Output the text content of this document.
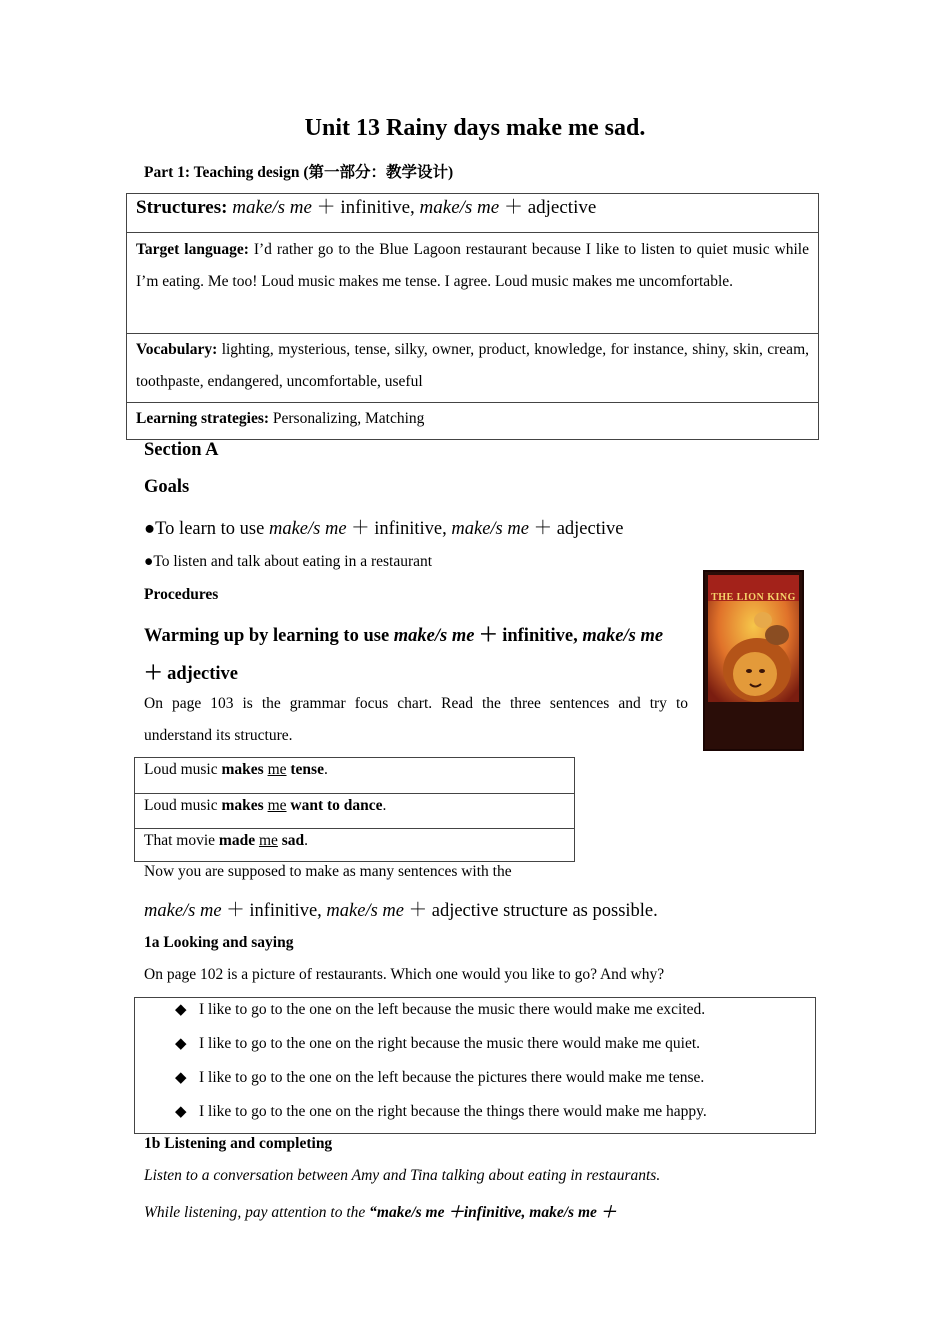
Unit 13 Rainy days make me sad.
Part 1: Teaching design (第一部分：教学设计)
Structures: make/s me ＋ infinitive, make/s me ＋ adjective
Target language: I’d rather go to the Blue Lagoon restaurant because I like to listen to quiet music while I’m eating. Me too! Loud music makes me tense. I agree. Loud music makes me uncomfortable.
Vocabulary: lighting, mysterious, tense, silky, owner, product, knowledge, for instance, shiny, skin, cream, toothpaste, endangered, uncomfortable, useful
Learning strategies: Personalizing, Matching
Section A
Goals
●To learn to use make/s me ＋ infinitive, make/s me ＋ adjective
●To listen and talk about eating in a restaurant
Procedures
Warming up by learning to use make/s me ＋ infinitive, make/s me
＋ adjective
On page 103 is the grammar focus chart. Read the three sentences and try to understand its structure.
THE LION KING
Loud music makes me tense.
Loud music makes me want to dance.
That movie made me sad.
Now you are supposed to make as many sentences with the
make/s me ＋ infinitive, make/s me ＋ adjective structure as possible.
1a Looking and saying
On page 102 is a picture of restaurants. Which one would you like to go? And why?
◆ I like to go to the one on the left because the music there would make me excited.
◆ I like to go to the one on the right because the music there would make me quiet.
◆ I like to go to the one on the left because the pictures there would make me tense.
◆ I like to go to the one on the right because the things there would make me happy.
1b Listening and completing
Listen to a conversation between Amy and Tina talking about eating in restaurants.
While listening, pay attention to the “make/s me ＋infinitive, make/s me ＋
